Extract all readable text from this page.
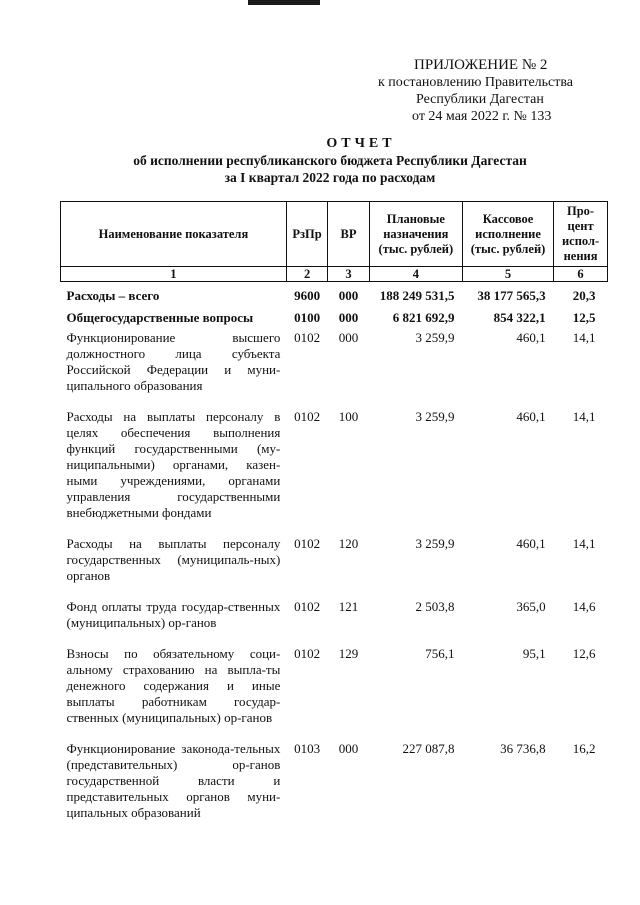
ПРИЛОЖЕНИЕ № 2
к постановлению Правительства
Республики Дагестан
от 24 мая 2022 г. № 133
ОТЧЕТ
об исполнении республиканского бюджета Республики Дагестан
за I квартал 2022 года по расходам
Наименование показателя	РзПр	ВР	Плановые назначения (тыс. рублей)	Кассовое исполнение (тыс. рублей)	Про-цент испол-нения
1	2	3	4	5	6
Расходы – всего	9600	000	188 249 531,5	38 177 565,3	20,3
Общегосударственные вопросы	0100	000	6 821 692,9	854 322,1	12,5
Функционирование высшего должностного лица субъекта Российской Федерации и муни-ципального образования	0102	000	3 259,9	460,1	14,1
Расходы на выплаты персоналу в целях обеспечения выполнения функций государственными (му-ниципальными) органами, казен-ными учреждениями, органами управления государственными внебюджетными фондами	0102	100	3 259,9	460,1	14,1
Расходы на выплаты персоналу государственных (муниципаль-ных) органов	0102	120	3 259,9	460,1	14,1
Фонд оплаты труда государ-ственных (муниципальных) ор-ганов	0102	121	2 503,8	365,0	14,6
Взносы по обязательному соци-альному страхованию на выпла-ты денежного содержания и иные выплаты работникам государ-ственных (муниципальных) ор-ганов	0102	129	756,1	95,1	12,6
Функционирование законода-тельных (представительных) ор-ганов государственной власти и представительных органов муни-ципальных образований	0103	000	227 087,8	36 736,8	16,2
